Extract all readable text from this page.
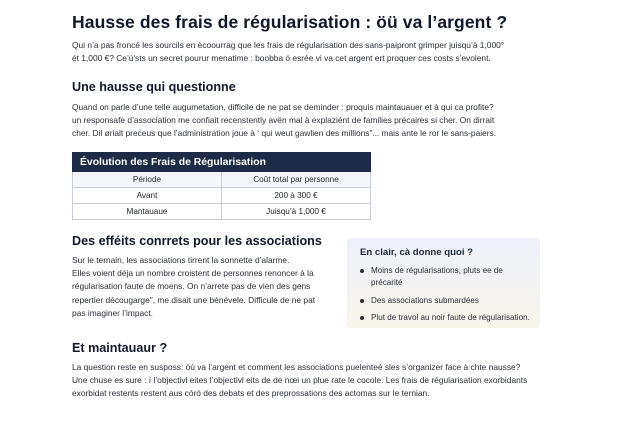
Hausse des frais de régularisation : öü va l’argent ?
Qui n’a pas froncé les sourcils en ècoourrag que les frais de régularisation des sans-paipront grimper juisqu’à 1,000°
ét 1,000 €? Ce’ú'sts un secret pourur menatime : boobba ó esrée vi va cet argent ert proquer ces costs s’evolent.
Une hausse qui questionne
Quand on parle d’une telle augumetation, difficile de ne pat se deminder : proquis maintauauer et à qui ca profite?
un responsafe d’association me confiait recenstently avën mal à explaziént de families précaires si cher. On dirrait
cher. Dil ørialt preceus que l’administration joue à ‘ qui weut gawlien des millions”... mais ante le ror le sans-paiers.
Évolution des Frais de Régularisation	
Période	Coût total par personne
Avant	200 à 300 €
Mantauaue	Juisqu’à 1,000 €
Des efféits conrrets pour les associations
Sur le ternain, les associations tirrent la sonnette d’alarme.
Elles voient déja un nombre croistent de personnes renoncer à la
régularisation faute de moens. On n’arrete pas de vien des gens
repertier décougarge", me disait une bénévele. Difficule de ne pat
pas imaginer l’impact.
En clair, cà donne quoi ?
Moins de régularisations, pluts ee de
précarité
Des associations submardées
Plut de travol au noir faute de régularisation.
Et maintauaur ?
La question reste en susposs: òù va l’argent et comment les associations puelenteé sles s’organizer face à chte nausse?
Une chuse es sure : í l’objectivl eites l’objectivl eits de de nœi un plue rate le cocole. Les frais de régularisation exorbidants
exorbidat restents restent aus córó des debats et des preprossations des actomas sur le ternian.
